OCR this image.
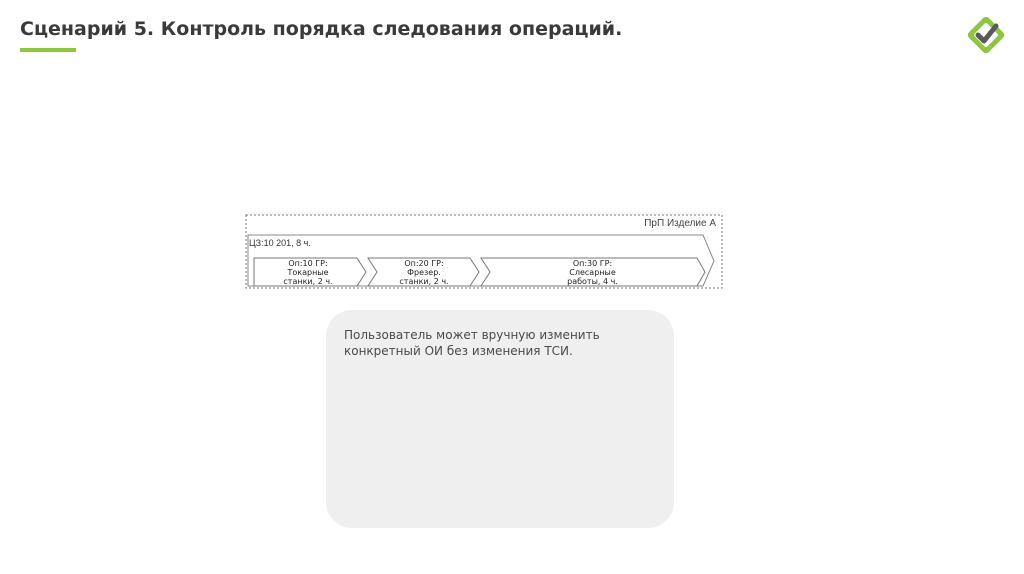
Сценарий 5. Контроль порядка следования операций.
ПрП Изделие А
ЦЗ:10 201, 8 ч.
Оп:10 ГР:
Токарные
станки, 2 ч.
Оп:20 ГР:
Фрезер.
станки, 2 ч.
Оп:30 ГР:
Слесарные
работы, 4 ч.
Пользователь может вручную изменить конкретный ОИ без изменения ТСИ.
